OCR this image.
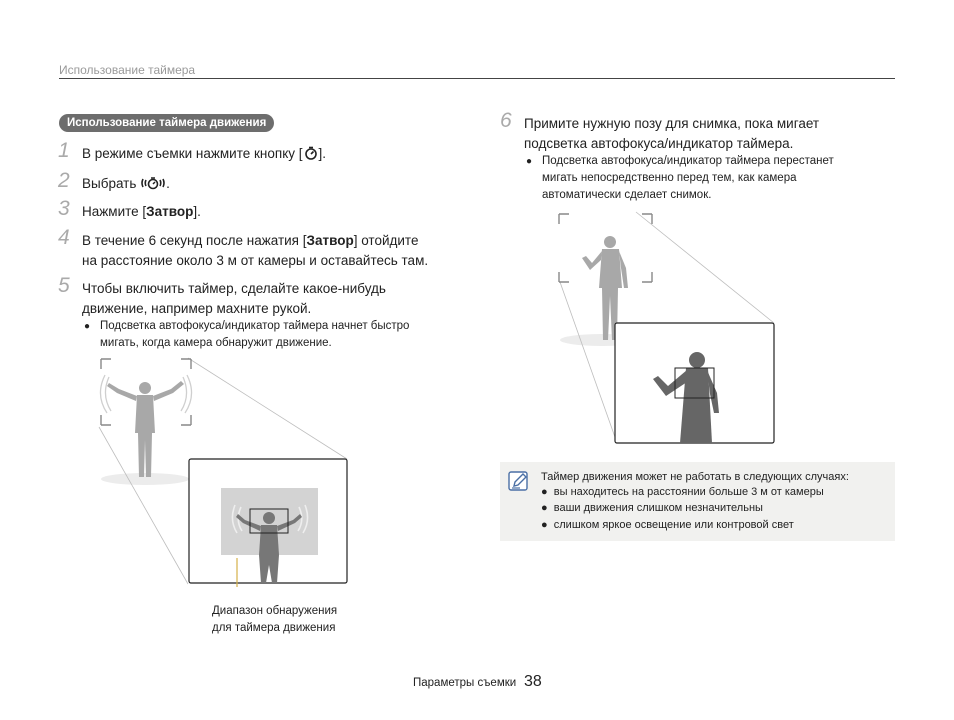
Использование таймера
Использование таймера движения
1 В режиме съемки нажмите кнопку [ ].
2 Выбрать .
3 Нажмите [Затвор].
4 В течение 6 секунд после нажатия [Затвор] отойдите
на расстояние около 3 м от камеры и оставайтесь там.
5 Чтобы включить таймер, сделайте какое-нибудь
движение, например махните рукой.
● Подсветка автофокуса/индикатор таймера начнет быстро
мигать, когда камера обнаружит движение.
6 Примите нужную позу для снимка, пока мигает
подсветка автофокуса/индикатор таймера.
● Подсветка автофокуса/индикатор таймера перестанет
мигать непосредственно перед тем, как камера
автоматически сделает снимок.
Диапазон обнаружения
для таймера движения
Таймер движения может не работать в следующих случаях:
●  вы находитесь на расстоянии больше 3 м от камеры
●  ваши движения слишком незначительны
●  слишком яркое освещение или контровой свет
Параметры съемки 38
